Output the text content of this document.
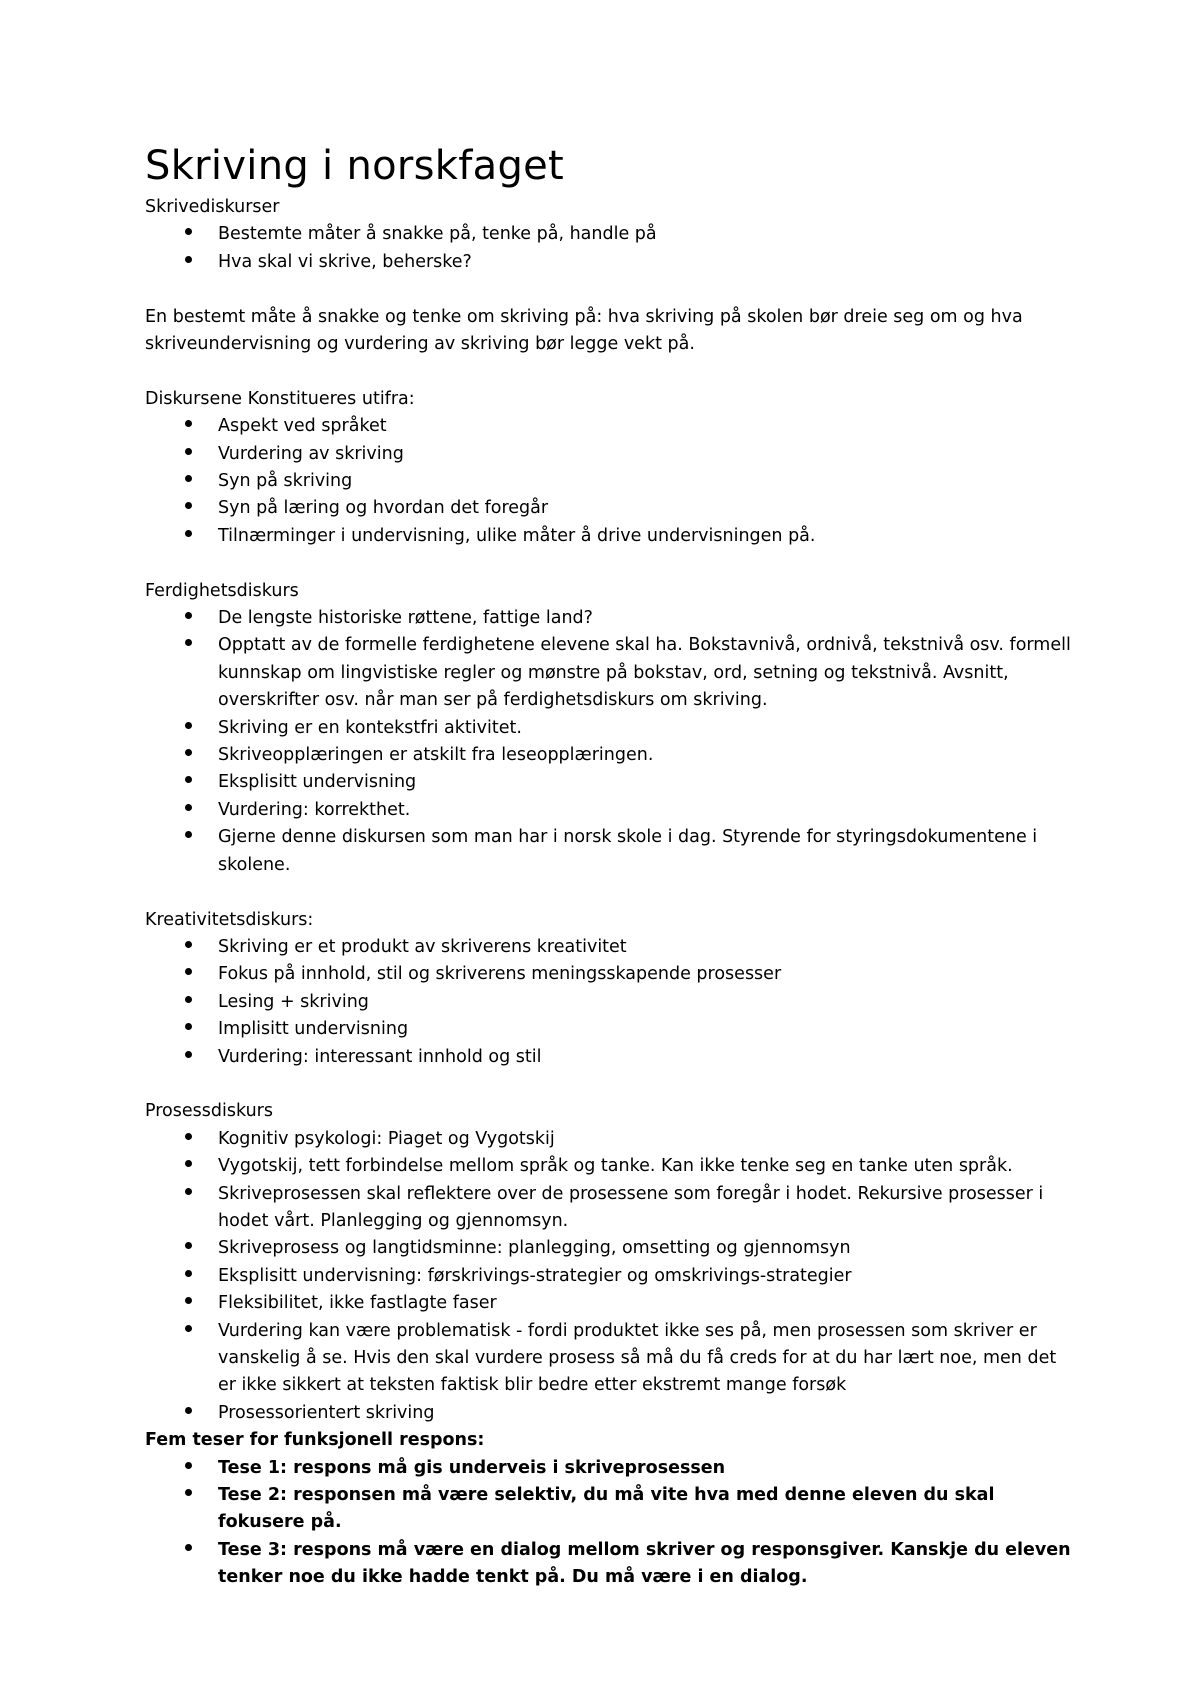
Skriving i norskfaget

Skrivediskurser

Bestemte måter å snakke på, tenke på, handle på
Hva skal vi skrive, beherske?

En bestemt måte å snakke og tenke om skriving på: hva skriving på skolen bør dreie seg om og hva skriveundervisning og vurdering av skriving bør legge vekt på.

Diskursene Konstitueres utifra:

Aspekt ved språket
Vurdering av skriving
Syn på skriving
Syn på læring og hvordan det foregår
Tilnærminger i undervisning, ulike måter å drive undervisningen på.

Ferdighetsdiskurs

De lengste historiske røttene, fattige land?
Opptatt av de formelle ferdighetene elevene skal ha. Bokstavnivå, ordnivå, tekstnivå osv. formell kunnskap om lingvistiske regler og mønstre på bokstav, ord, setning og tekstnivå. Avsnitt, overskrifter osv. når man ser på ferdighetsdiskurs om skriving.
Skriving er en kontekstfri aktivitet.
Skriveopplæringen er atskilt fra leseopplæringen.
Eksplisitt undervisning
Vurdering: korrekthet.
Gjerne denne diskursen som man har i norsk skole i dag. Styrende for styringsdokumentene i skolene.

Kreativitetsdiskurs:

Skriving er et produkt av skriverens kreativitet
Fokus på innhold, stil og skriverens meningsskapende prosesser
Lesing + skriving
Implisitt undervisning
Vurdering: interessant innhold og stil

Prosessdiskurs

Kognitiv psykologi: Piaget og Vygotskij
Vygotskij, tett forbindelse mellom språk og tanke. Kan ikke tenke seg en tanke uten språk.
Skriveprosessen skal reflektere over de prosessene som foregår i hodet. Rekursive prosesser i hodet vårt. Planlegging og gjennomsyn.
Skriveprosess og langtidsminne: planlegging, omsetting og gjennomsyn
Eksplisitt undervisning: førskrivings-strategier og omskrivings-strategier
Fleksibilitet, ikke fastlagte faser
Vurdering kan være problematisk - fordi produktet ikke ses på, men prosessen som skriver er vanskelig å se. Hvis den skal vurdere prosess så må du få creds for at du har lært noe, men det er ikke sikkert at teksten faktisk blir bedre etter ekstremt mange forsøk
Prosessorientert skriving

Fem teser for funksjonell respons:

Tese 1: respons må gis underveis i skriveprosessen
Tese 2: responsen må være selektiv, du må vite hva med denne eleven du skal fokusere på.
Tese 3: respons må være en dialog mellom skriver og responsgiver. Kanskje du eleven tenker noe du ikke hadde tenkt på. Du må være i en dialog.
